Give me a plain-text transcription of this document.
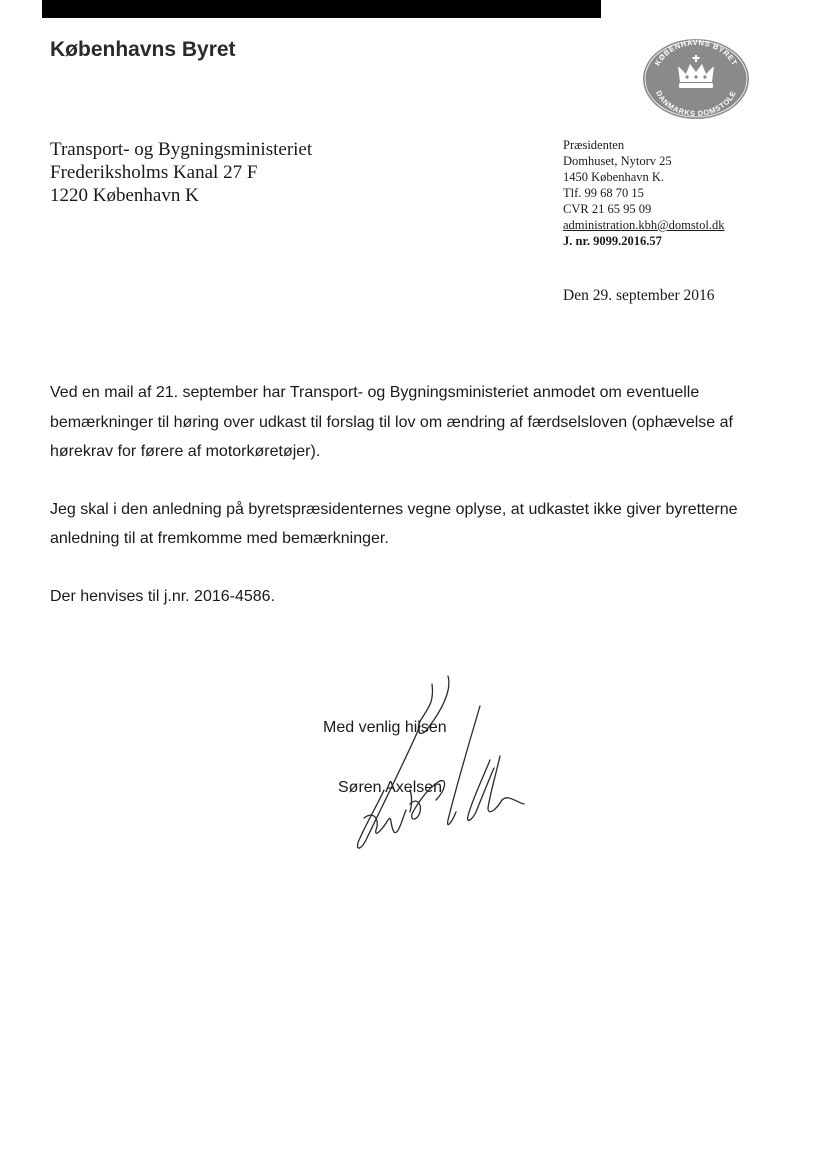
Københavns Byret
KØBENHAVNS BYRET
DANMARKS DOMSTOLE
Transport- og Bygningsministeriet
Frederiksholms Kanal 27 F
1220 København K
Præsidenten
Domhuset, Nytorv 25
1450 København K.
Tlf. 99 68 70 15
CVR 21 65 95 09
administration.kbh@domstol.dk
J. nr. 9099.2016.57
Den 29. september 2016

Ved en mail af 21. september har Transport- og Bygningsministeriet anmodet om eventuelle bemærkninger til høring over udkast til forslag til lov om ændring af færdselsloven (ophævelse af hørekrav for førere af motorkøretøjer).

Jeg skal i den anledning på byretspræsidenternes vegne oplyse, at udkastet ikke giver byretterne anledning til at fremkomme med bemærkninger.

Der henvises til j.nr. 2016-4586.

Med venlig hilsen
Søren Axelsen
